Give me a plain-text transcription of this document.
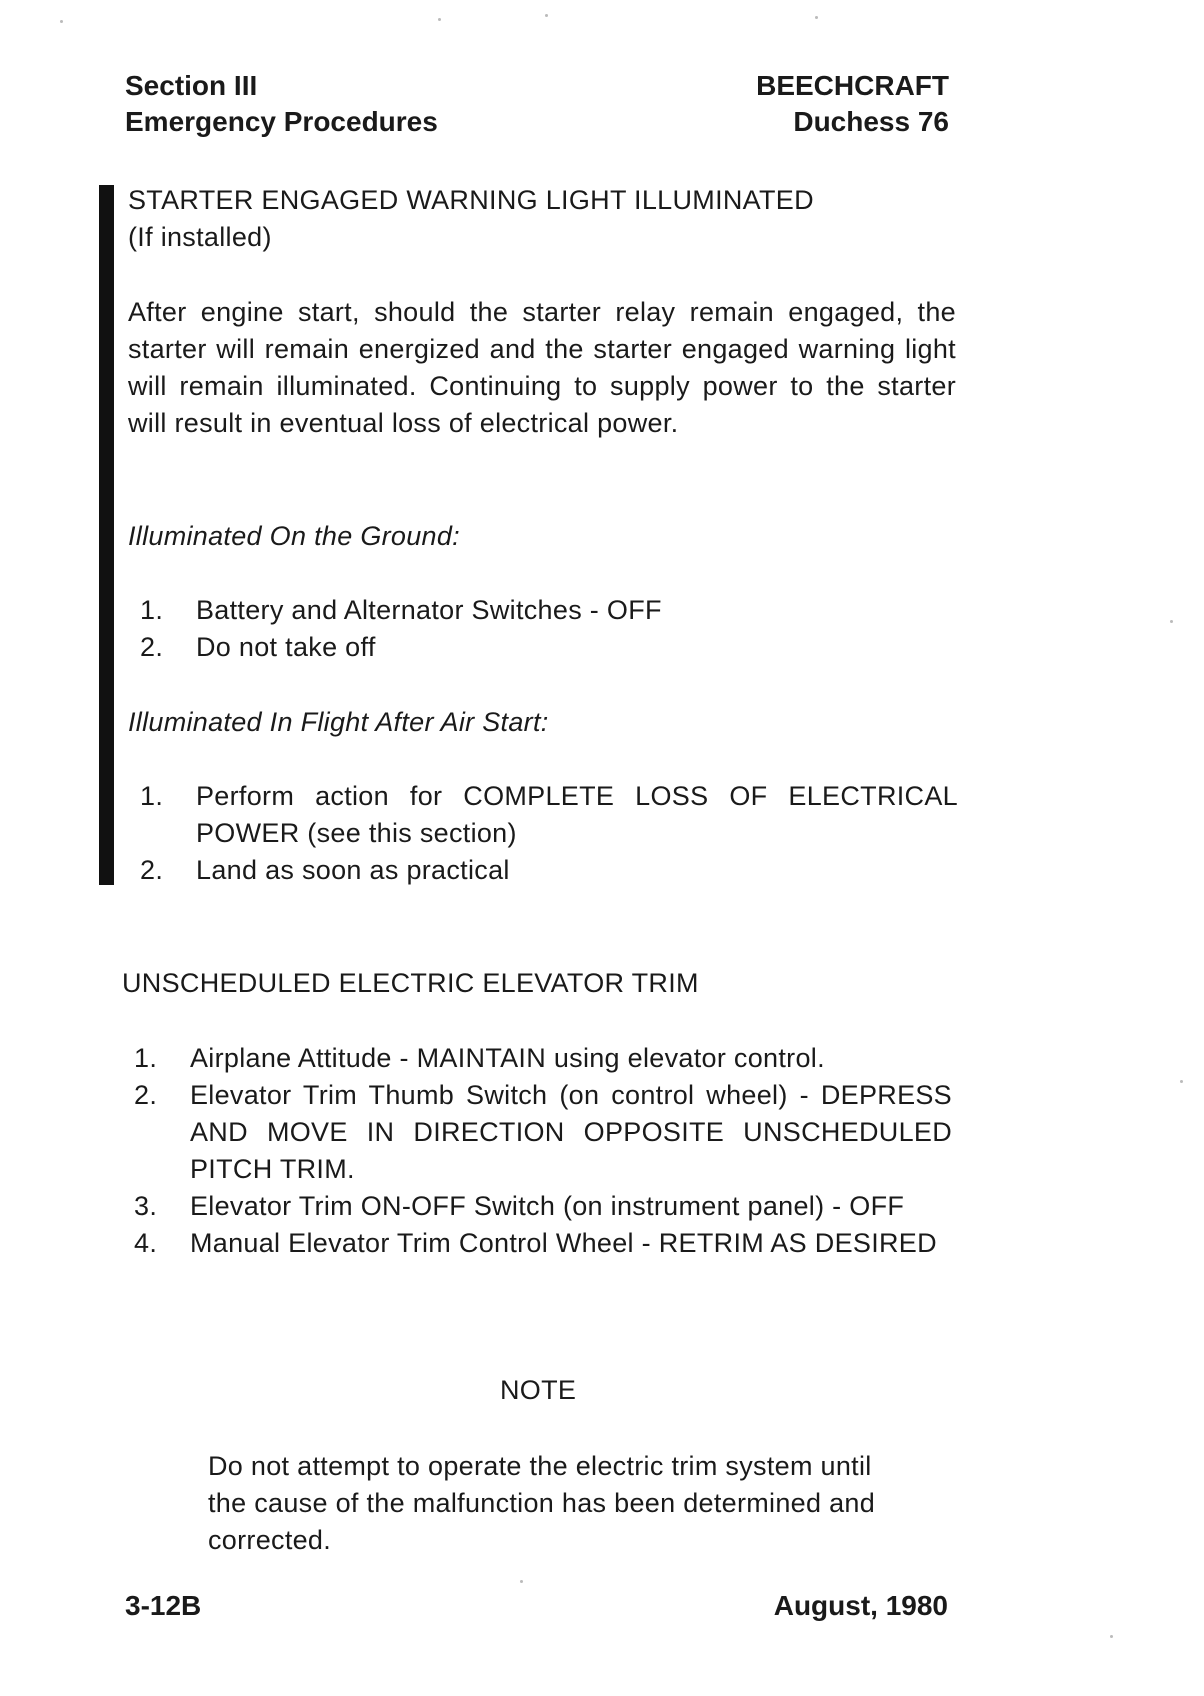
Section III
Emergency Procedures
BEECHCRAFT
Duchess 76
STARTER ENGAGED WARNING LIGHT ILLUMINATED
(If installed)
After engine start, should the starter relay remain engaged, the starter will remain energized and the starter engaged warning light will remain illuminated. Continuing to supply power to the starter will result in eventual loss of electrical power.
Illuminated On the Ground:
1. Battery and Alternator Switches - OFF
2. Do not take off
Illuminated In Flight After Air Start:
1. Perform action for COMPLETE LOSS OF ELECTRICAL POWER (see this section)
2. Land as soon as practical
UNSCHEDULED ELECTRIC ELEVATOR TRIM
1. Airplane Attitude - MAINTAIN using elevator control.
2. Elevator Trim Thumb Switch (on control wheel) - DEPRESS AND MOVE IN DIRECTION OPPOSITE UNSCHEDULED PITCH TRIM.
3. Elevator Trim ON-OFF Switch (on instrument panel) - OFF
4. Manual Elevator Trim Control Wheel - RETRIM AS DESIRED
NOTE
Do not attempt to operate the electric trim system until the cause of the malfunction has been determined and corrected.
3-12B	August, 1980
